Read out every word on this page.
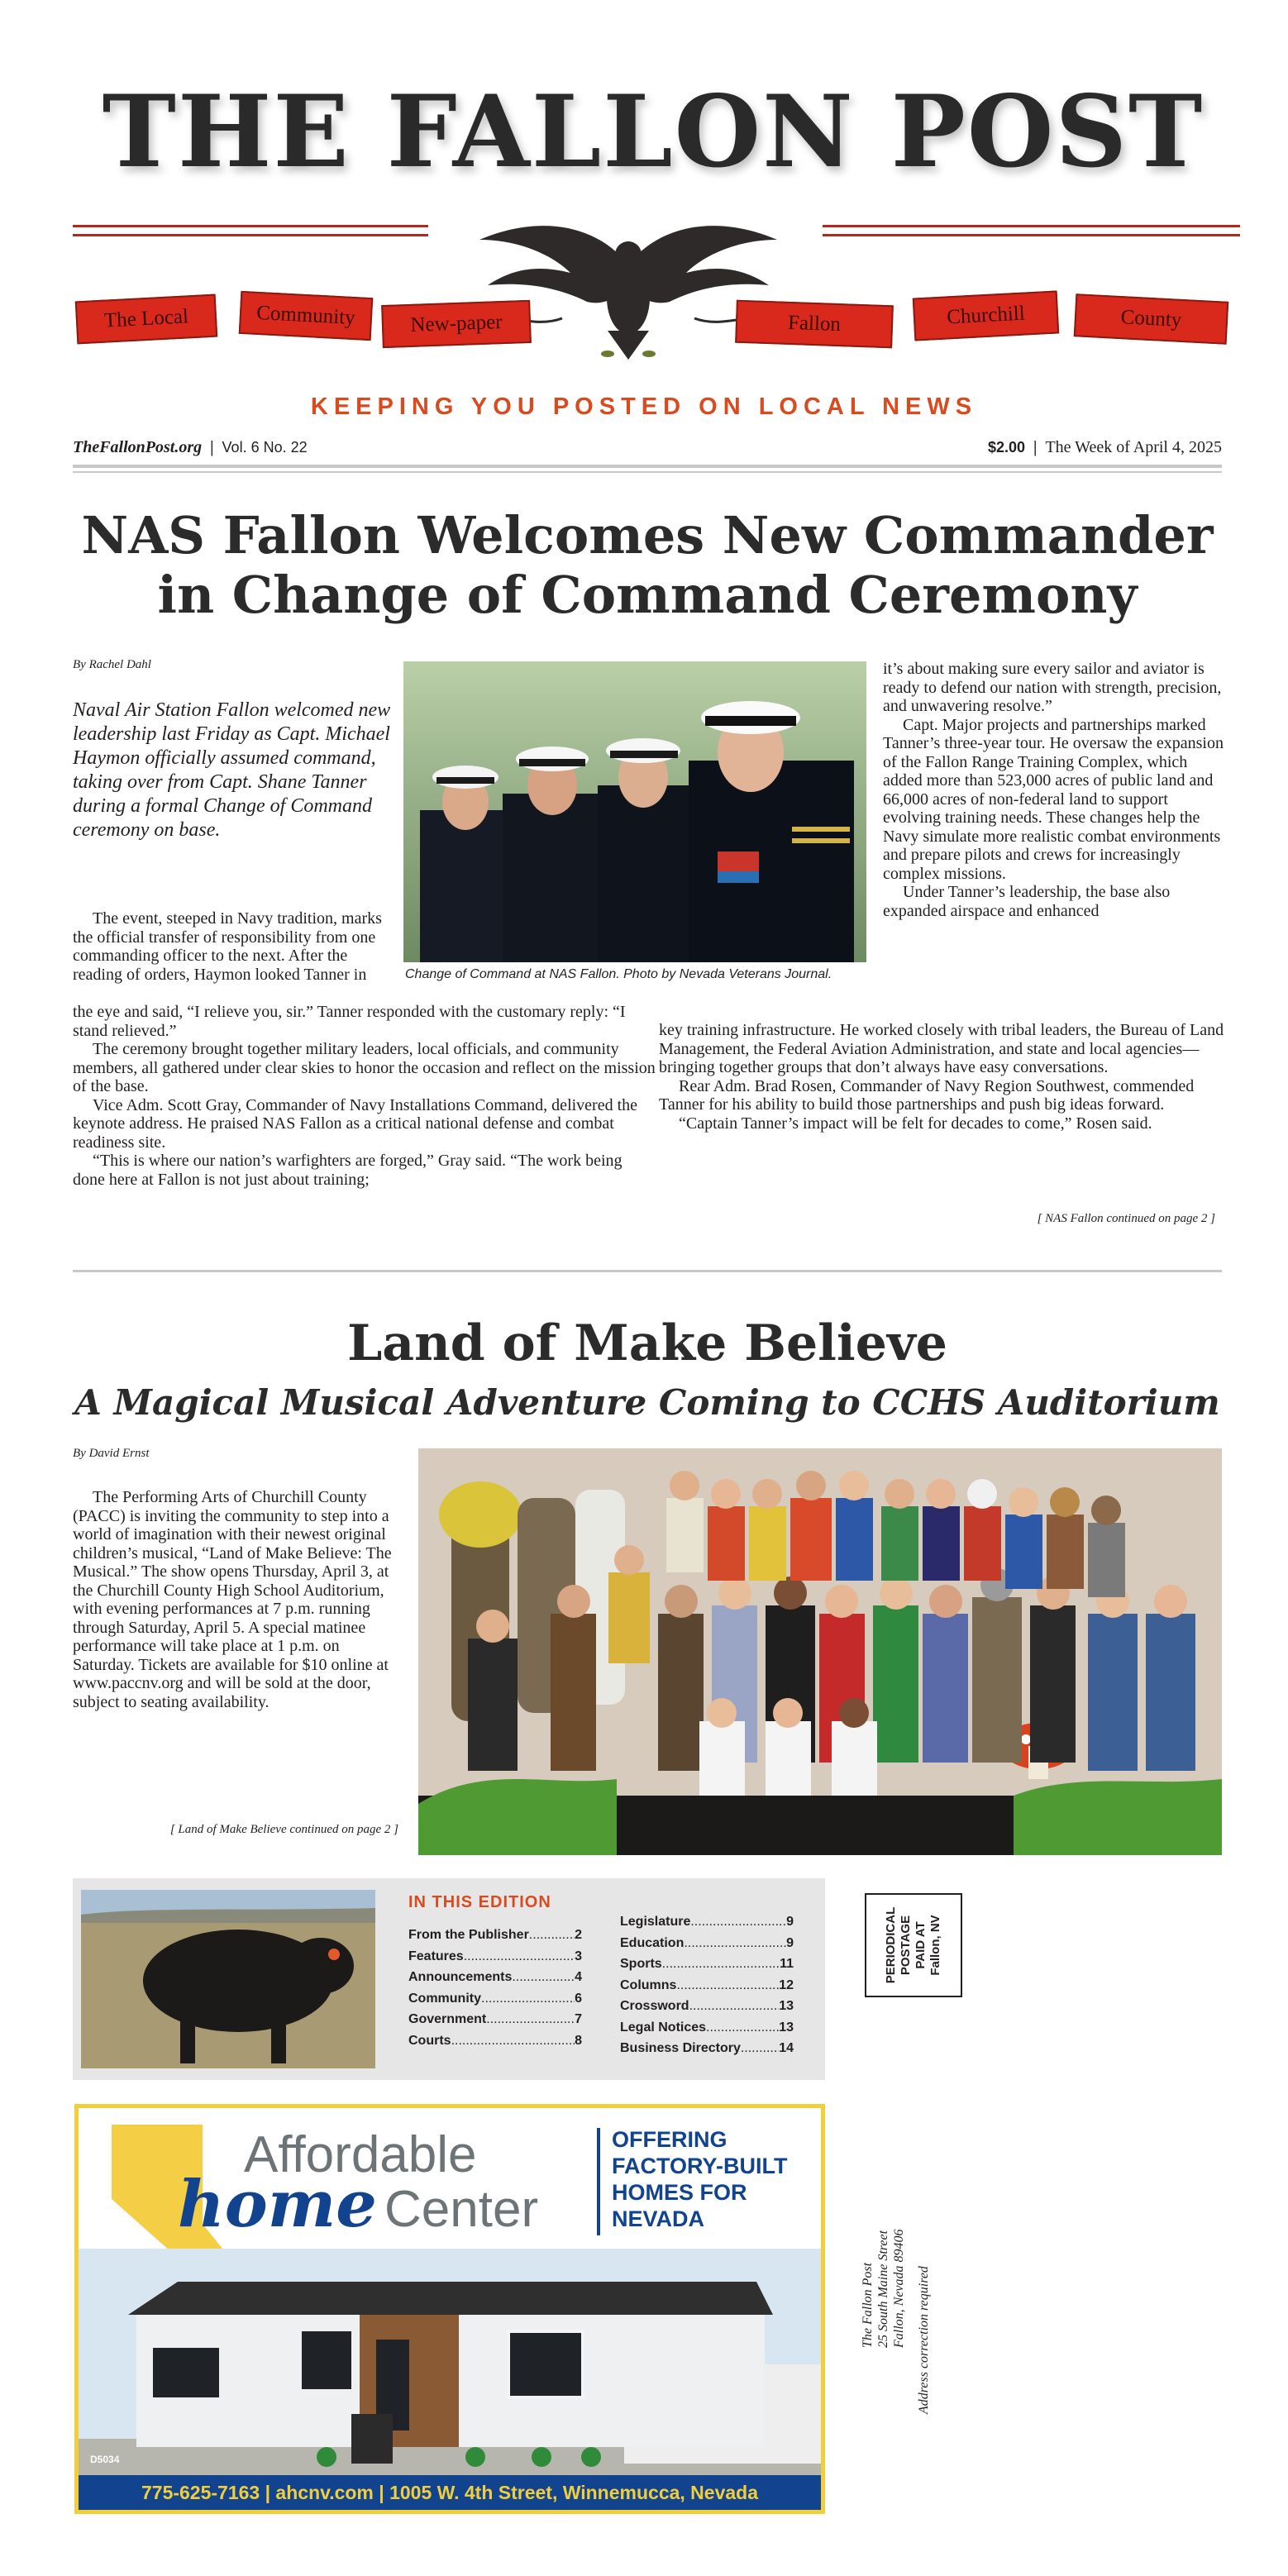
THE FALLON POST
The Local	Community	New-paper	Fallon	Churchill	County
KEEPING YOU POSTED ON LOCAL NEWS
TheFallonPost.org  |  Vol. 6 No. 22	$2.00  |  The Week of April 4, 2025
NAS Fallon Welcomes New Commander
in Change of Command Ceremony
By Rachel Dahl
Naval Air Station Fallon welcomed new leadership last Friday as Capt. Michael Haymon officially assumed command, taking over from Capt. Shane Tanner during a formal Change of Command ceremony on base.

The event, steeped in Navy tradition, marks the official transfer of responsibility from one commanding officer to the next. After the reading of orders, Haymon looked Tanner in

the eye and said, “I relieve you, sir.” Tanner responded with the customary reply: “I stand relieved.”

The ceremony brought together military leaders, local officials, and community members, all gathered under clear skies to honor the occasion and reflect on the mission of the base.

Vice Adm. Scott Gray, Commander of Navy Installations Command, delivered the keynote address. He praised NAS Fallon as a critical national defense and combat readiness site.

“This is where our nation’s warfighters are forged,” Gray said. “The work being done here at Fallon is not just about training;

Change of Command at NAS Fallon. Photo by Nevada Veterans Journal.

it’s about making sure every sailor and aviator is ready to defend our nation with strength, precision, and unwavering resolve.”

Capt. Major projects and partnerships marked Tanner’s three-year tour. He oversaw the expansion of the Fallon Range Training Complex, which added more than 523,000 acres of public land and 66,000 acres of non-federal land to support evolving training needs. These changes help the Navy simulate more realistic combat environments and prepare pilots and crews for increasingly complex missions.

Under Tanner’s leadership, the base also expanded airspace and enhanced

key training infrastructure. He worked closely with tribal leaders, the Bureau of Land Management, the Federal Aviation Administration, and state and local agencies—bringing together groups that don’t always have easy conversations.

Rear Adm. Brad Rosen, Commander of Navy Region Southwest, commended Tanner for his ability to build those partnerships and push big ideas forward.

“Captain Tanner’s impact will be felt for decades to come,” Rosen said.

[ NAS Fallon continued on page 2 ]
Land of Make Believe
A Magical Musical Adventure Coming to CCHS Auditorium
By David Ernst

The Performing Arts of Churchill County (PACC) is inviting the community to step into a world of imagination with their newest original children’s musical, “Land of Make Believe: The Musical.” The show opens Thursday, April 3, at the Churchill County High School Auditorium, with evening performances at 7 p.m. running through Saturday, April 5. A special matinee performance will take place at 1 p.m. on Saturday. Tickets are available for $10 online at www.paccnv.org and will be sold at the door, subject to seating availability.

[ Land of Make Believe continued on page 2 ]
IN THIS EDITION
From the Publisher .....	2
Features .....	3
Announcements .....	4
Community .....	6
Government .....	7
Courts .....	8
Legislature .....	9
Education .....	9
Sports .....	11
Columns .....	12
Crossword .....	13
Legal Notices .....	13
Business Directory .....	14
PERIODICAL POSTAGE PAID AT Fallon, NV
Affordable
home Center
OFFERING FACTORY-BUILT HOMES FOR NEVADA
D5034
775-625-7163 | ahcnv.com | 1005 W. 4th Street, Winnemucca, Nevada
The Fallon Post 25 South Maine Street Fallon, Nevada 89406 Address correction required
